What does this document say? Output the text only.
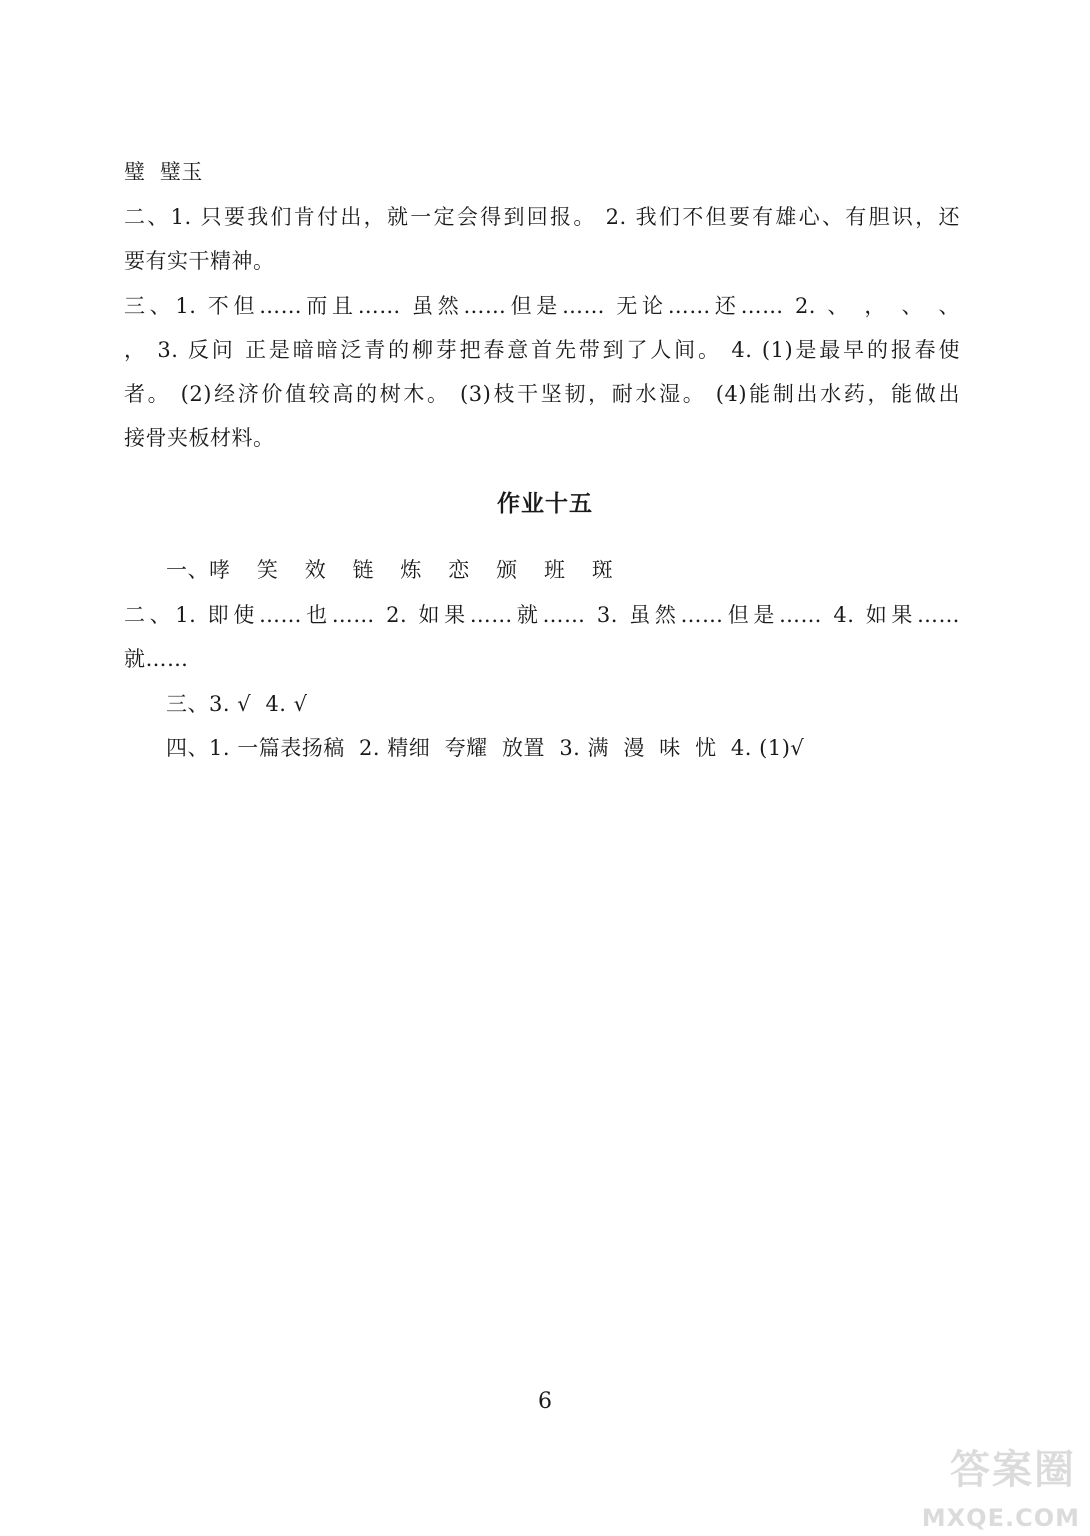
璧  璧玉
二、1. 只要我们肯付出，就一定会得到回报。 2. 我们不但要有雄心、有胆识，还
要有实干精神。
三、1. 不但……而且…… 虽然……但是…… 无论……还…… 2. 、 ， 、 、
， 3. 反问 正是暗暗泛青的柳芽把春意首先带到了人间。 4. (1)是最早的报春使
者。 (2)经济价值较高的树木。 (3)枝干坚韧，耐水湿。 (4)能制出水药，能做出
接骨夹板材料。
作业十五
一、哮  笑  效  链  炼  恋  颁  班  斑
二、1. 即使……也…… 2. 如果……就…… 3. 虽然……但是…… 4. 如果……
就……
三、3. √  4. √
四、1. 一篇表扬稿  2. 精细  夸耀  放置  3. 满  漫  味  忧  4. (1)√
6
答案圈
MXQE.COM
